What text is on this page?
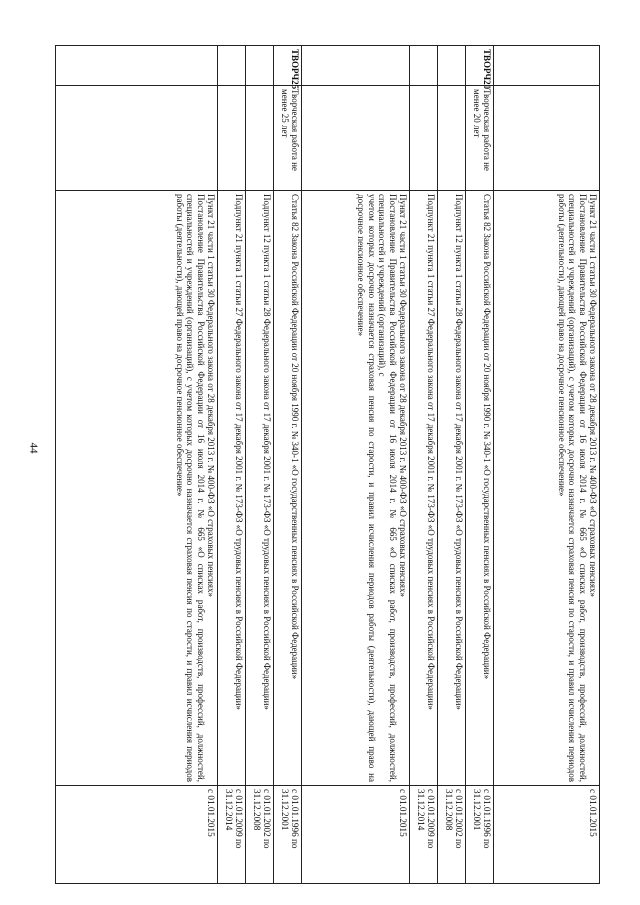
44

		Пункт 21 части 1 статьи 30 Федерального закона от 28 декабря 2013 г. № 400-ФЗ «О страховых пенсиях»
Постановление Правительства Российской Федерации от 16 июля 2014 г. № 665 «О списках работ, производств, профессий, должностей, специальностей и учреждений (организаций), с учетом которых досрочно назначается страховая пенсия по старости, и правил исчисления периодов работы (деятельности), дающей право на досрочное пенсионное обеспечение»	с 01.01.2015
ТВОРЧ20	Творческая работа не менее 20 лет	Статья 82 Закона Российской Федерации от 20 ноября 1990 г. № 340-1 «О государственных пенсиях в Российской Федерации»	с 01.01.1996 по 31.12.2001
		Подпункт 12 пункта 1 статьи 28 Федерального закона от 17 декабря 2001 г. № 173-ФЗ «О трудовых пенсиях в Российской Федерации»	с 01.01.2002 по 31.12.2008
		Подпункт 21 пункта 1 статьи 27 Федерального закона от 17 декабря 2001 г. № 173-ФЗ «О трудовых пенсиях в Российской Федерации»	с 01.01.2009 по 31.12.2014

		Пункт 21 части 1 статьи 30 Федерального закона от 28 декабря 2013 г. № 400-ФЗ «О страховых пенсиях»
Постановление Правительства Российской Федерации от 16 июля 2014 г. № 665 «О списках работ, производств, профессий, должностей, специальностей и учреждений (организаций), с
учетом которых досрочно назначается страховая пенсия по старости, и правил исчисления периодов работы (деятельности), дающей право на досрочное пенсионное обеспечение»	с 01.01.2015
ТВОРЧ25	Творческая работа не менее 25 лет	Статья 82 Закона Российской Федерации от 20 ноября 1990 г. № 340-1 «О государственных пенсиях в Российской Федерации»	с 01.01.1996 по 31.12.2001
		Подпункт 12 пункта 1 статьи 28 Федерального закона от 17 декабря 2001 г. № 173-ФЗ «О трудовых пенсиях в Российской Федерации»	с 01.01.2002 по 31.12.2008
		Подпункт 21 пункта 1 статьи 27 Федерального закона от 17 декабря 2001 г. № 173-ФЗ «О трудовых пенсиях в Российской Федерации»	с 01.01.2009 по 31.12.2014

		Пункт 21 части 1 статьи 30 Федерального закона от 28 декабря 2013 г. № 400-ФЗ «О страховых пенсиях»
Постановление Правительства Российской Федерации от 16 июля 2014 г. № 665 «О списках работ, производств, профессий, должностей, специальностей и учреждений (организаций), с учетом которых досрочно назначается страховая пенсия по старости, и правил исчисления периодов работы (деятельности), дающей право на досрочное пенсионное обеспечение»	с 01.01.2015
